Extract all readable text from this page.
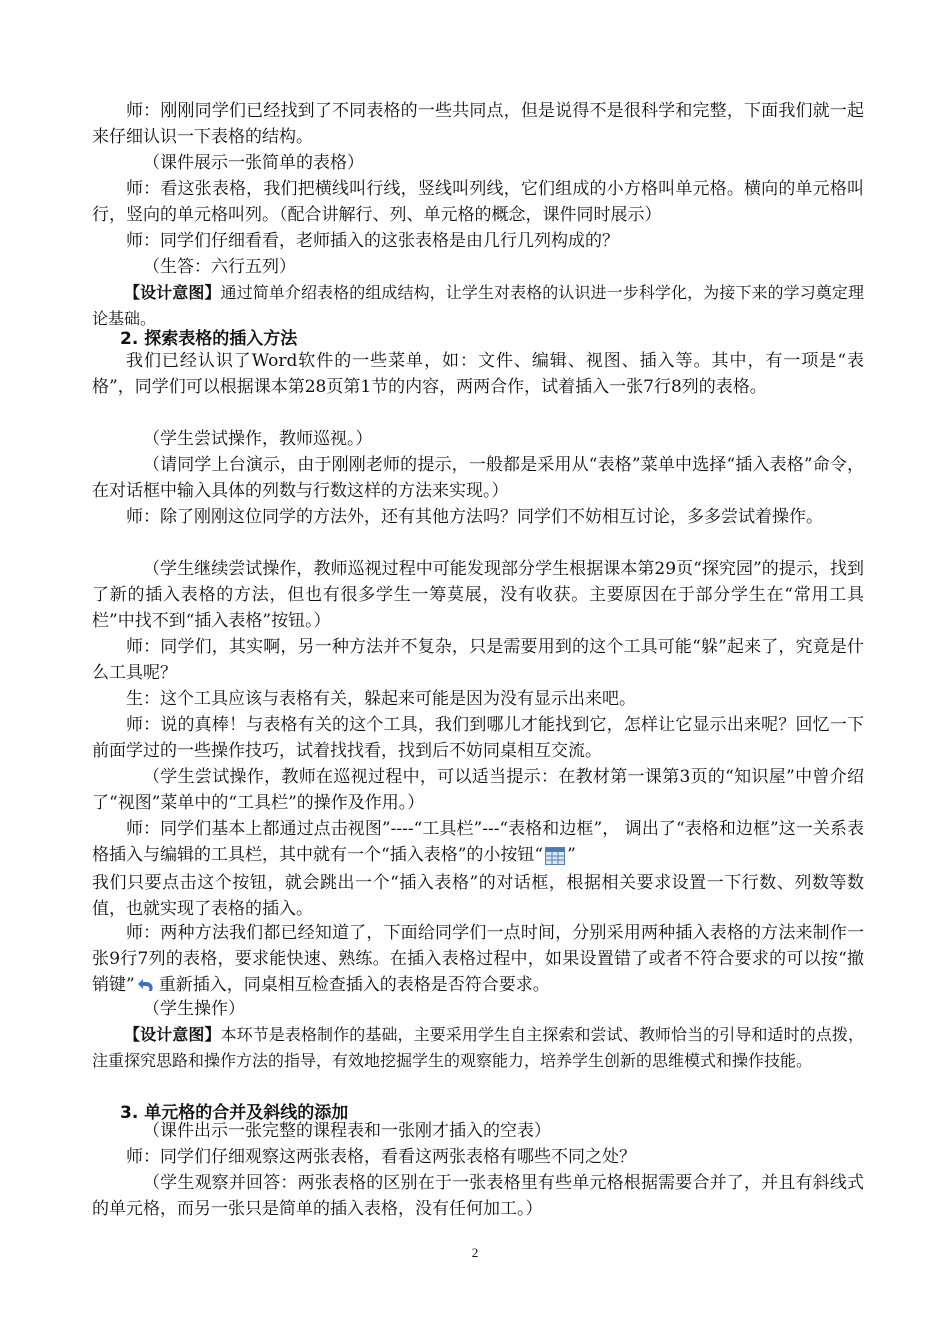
师：刚刚同学们已经找到了不同表格的一些共同点，但是说得不是很科学和完整，下面我们就一起来仔细认识一下表格的结构。

（课件展示一张简单的表格）

师：看这张表格，我们把横线叫行线，竖线叫列线，它们组成的小方格叫单元格。横向的单元格叫行，竖向的单元格叫列。（配合讲解行、列、单元格的概念，课件同时展示）

师：同学们仔细看看，老师插入的这张表格是由几行几列构成的？

（生答：六行五列）

【设计意图】通过简单介绍表格的组成结构，让学生对表格的认识进一步科学化，为接下来的学习奠定理论基础。

2. 探索表格的插入方法

我们已经认识了Word软件的一些菜单，如：文件、编辑、视图、插入等。其中，有一项是“表格”，同学们可以根据课本第28页第1节的内容，两两合作，试着插入一张7行8列的表格。

（学生尝试操作，教师巡视。）

（请同学上台演示，由于刚刚老师的提示，一般都是采用从“表格”菜单中选择“插入表格”命令，在对话框中输入具体的列数与行数这样的方法来实现。）

师：除了刚刚这位同学的方法外，还有其他方法吗？同学们不妨相互讨论，多多尝试着操作。

（学生继续尝试操作，教师巡视过程中可能发现部分学生根据课本第29页“探究园”的提示，找到了新的插入表格的方法，但也有很多学生一筹莫展，没有收获。主要原因在于部分学生在“常用工具栏”中找不到“插入表格”按钮。）

师：同学们，其实啊，另一种方法并不复杂，只是需要用到的这个工具可能“躲”起来了，究竟是什么工具呢？

生：这个工具应该与表格有关，躲起来可能是因为没有显示出来吧。

师：说的真棒！与表格有关的这个工具，我们到哪儿才能找到它，怎样让它显示出来呢？回忆一下前面学过的一些操作技巧，试着找找看，找到后不妨同桌相互交流。

（学生尝试操作，教师在巡视过程中，可以适当提示：在教材第一课第3页的“知识屋”中曾介绍了“视图”菜单中的“工具栏”的操作及作用。）

师：同学们基本上都通过点击视图”----“工具栏”---“表格和边框”， 调出了“表格和边框”这一关系表格插入与编辑的工具栏，其中就有一个“插入表格”的小按钮“ ”

我们只要点击这个按钮，就会跳出一个“插入表格”的对话框，根据相关要求设置一下行数、列数等数值，也就实现了表格的插入。

师：两种方法我们都已经知道了，下面给同学们一点时间，分别采用两种插入表格的方法来制作一张9行7列的表格，要求能快速、熟练。在插入表格过程中，如果设置错了或者不符合要求的可以按“撤销键” 重新插入，同桌相互检查插入的表格是否符合要求。

（学生操作）

【设计意图】本环节是表格制作的基础，主要采用学生自主探索和尝试、教师恰当的引导和适时的点拨，注重探究思路和操作方法的指导，有效地挖掘学生的观察能力，培养学生创新的思维模式和操作技能。

3. 单元格的合并及斜线的添加

（课件出示一张完整的课程表和一张刚才插入的空表）

师：同学们仔细观察这两张表格，看看这两张表格有哪些不同之处？

（学生观察并回答：两张表格的区别在于一张表格里有些单元格根据需要合并了，并且有斜线式的单元格，而另一张只是简单的插入表格，没有任何加工。）

2
